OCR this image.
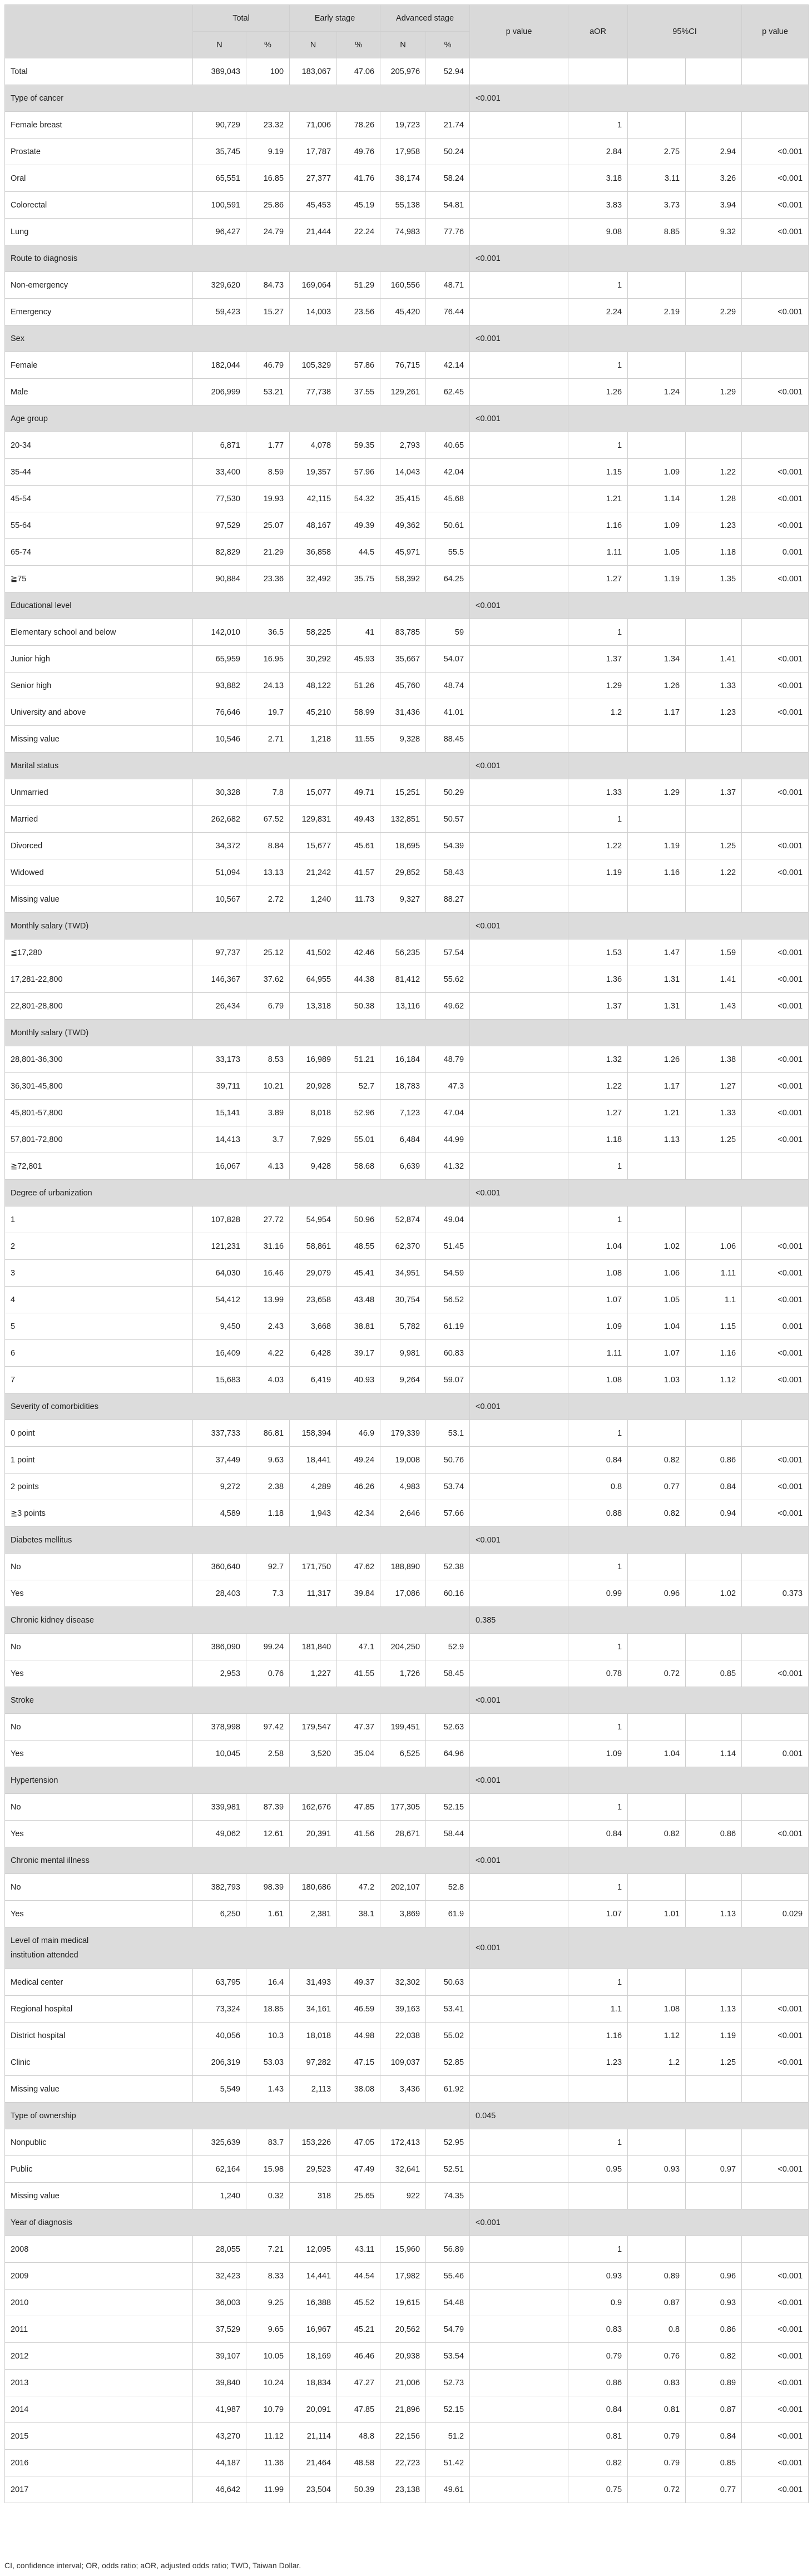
	Total		Early stage		Advanced stage		p value	aOR	95%CI		p value
	N	%	N	%	N	%					
Total	389,043	100	183,067	47.06	205,976	52.94					
Type of cancer							<0.001				
Female breast	90,729	23.32	71,006	78.26	19,723	21.74		1			
Prostate	35,745	9.19	17,787	49.76	17,958	50.24		2.84	2.75	2.94	<0.001
Oral	65,551	16.85	27,377	41.76	38,174	58.24		3.18	3.11	3.26	<0.001
Colorectal	100,591	25.86	45,453	45.19	55,138	54.81		3.83	3.73	3.94	<0.001
Lung	96,427	24.79	21,444	22.24	74,983	77.76		9.08	8.85	9.32	<0.001
Route to diagnosis							<0.001				
Non-emergency	329,620	84.73	169,064	51.29	160,556	48.71		1			
Emergency	59,423	15.27	14,003	23.56	45,420	76.44		2.24	2.19	2.29	<0.001
Sex							<0.001				
Female	182,044	46.79	105,329	57.86	76,715	42.14		1			
Male	206,999	53.21	77,738	37.55	129,261	62.45		1.26	1.24	1.29	<0.001
Age group							<0.001				
20-34	6,871	1.77	4,078	59.35	2,793	40.65		1			
35-44	33,400	8.59	19,357	57.96	14,043	42.04		1.15	1.09	1.22	<0.001
45-54	77,530	19.93	42,115	54.32	35,415	45.68		1.21	1.14	1.28	<0.001
55-64	97,529	25.07	48,167	49.39	49,362	50.61		1.16	1.09	1.23	<0.001
65-74	82,829	21.29	36,858	44.5	45,971	55.5		1.11	1.05	1.18	0.001
≧75	90,884	23.36	32,492	35.75	58,392	64.25		1.27	1.19	1.35	<0.001
Educational level							<0.001				
Elementary school and below	142,010	36.5	58,225	41	83,785	59		1			
Junior high	65,959	16.95	30,292	45.93	35,667	54.07		1.37	1.34	1.41	<0.001
Senior high	93,882	24.13	48,122	51.26	45,760	48.74		1.29	1.26	1.33	<0.001
University and above	76,646	19.7	45,210	58.99	31,436	41.01		1.2	1.17	1.23	<0.001
Missing value	10,546	2.71	1,218	11.55	9,328	88.45					
Marital status							<0.001				
Unmarried	30,328	7.8	15,077	49.71	15,251	50.29		1.33	1.29	1.37	<0.001
Married	262,682	67.52	129,831	49.43	132,851	50.57		1			
Divorced	34,372	8.84	15,677	45.61	18,695	54.39		1.22	1.19	1.25	<0.001
Widowed	51,094	13.13	21,242	41.57	29,852	58.43		1.19	1.16	1.22	<0.001
Missing value	10,567	2.72	1,240	11.73	9,327	88.27					
Monthly salary (TWD)							<0.001				
≦17,280	97,737	25.12	41,502	42.46	56,235	57.54		1.53	1.47	1.59	<0.001
17,281-22,800	146,367	37.62	64,955	44.38	81,412	55.62		1.36	1.31	1.41	<0.001
22,801-28,800	26,434	6.79	13,318	50.38	13,116	49.62		1.37	1.31	1.43	<0.001
Monthly salary (TWD)											
28,801-36,300	33,173	8.53	16,989	51.21	16,184	48.79		1.32	1.26	1.38	<0.001
36,301-45,800	39,711	10.21	20,928	52.7	18,783	47.3		1.22	1.17	1.27	<0.001
45,801-57,800	15,141	3.89	8,018	52.96	7,123	47.04		1.27	1.21	1.33	<0.001
57,801-72,800	14,413	3.7	7,929	55.01	6,484	44.99		1.18	1.13	1.25	<0.001
≧72,801	16,067	4.13	9,428	58.68	6,639	41.32		1			
Degree of urbanization							<0.001				
1	107,828	27.72	54,954	50.96	52,874	49.04		1			
2	121,231	31.16	58,861	48.55	62,370	51.45		1.04	1.02	1.06	<0.001
3	64,030	16.46	29,079	45.41	34,951	54.59		1.08	1.06	1.11	<0.001
4	54,412	13.99	23,658	43.48	30,754	56.52		1.07	1.05	1.1	<0.001
5	9,450	2.43	3,668	38.81	5,782	61.19		1.09	1.04	1.15	0.001
6	16,409	4.22	6,428	39.17	9,981	60.83		1.11	1.07	1.16	<0.001
7	15,683	4.03	6,419	40.93	9,264	59.07		1.08	1.03	1.12	<0.001
Severity of comorbidities							<0.001				
0 point	337,733	86.81	158,394	46.9	179,339	53.1		1			
1 point	37,449	9.63	18,441	49.24	19,008	50.76		0.84	0.82	0.86	<0.001
2 points	9,272	2.38	4,289	46.26	4,983	53.74		0.8	0.77	0.84	<0.001
≧3 points	4,589	1.18	1,943	42.34	2,646	57.66		0.88	0.82	0.94	<0.001
Diabetes mellitus							<0.001				
No	360,640	92.7	171,750	47.62	188,890	52.38		1			
Yes	28,403	7.3	11,317	39.84	17,086	60.16		0.99	0.96	1.02	0.373
Chronic kidney disease							0.385				
No	386,090	99.24	181,840	47.1	204,250	52.9		1			
Yes	2,953	0.76	1,227	41.55	1,726	58.45		0.78	0.72	0.85	<0.001
Stroke							<0.001				
No	378,998	97.42	179,547	47.37	199,451	52.63		1			
Yes	10,045	2.58	3,520	35.04	6,525	64.96		1.09	1.04	1.14	0.001
Hypertension							<0.001				
No	339,981	87.39	162,676	47.85	177,305	52.15		1			
Yes	49,062	12.61	20,391	41.56	28,671	58.44		0.84	0.82	0.86	<0.001
Chronic mental illness							<0.001				
No	382,793	98.39	180,686	47.2	202,107	52.8		1			
Yes	6,250	1.61	2,381	38.1	3,869	61.9		1.07	1.01	1.13	0.029

Level of main medical
institution attended							<0.001				
Medical center	63,795	16.4	31,493	49.37	32,302	50.63		1			
Regional hospital	73,324	18.85	34,161	46.59	39,163	53.41		1.1	1.08	1.13	<0.001
District hospital	40,056	10.3	18,018	44.98	22,038	55.02		1.16	1.12	1.19	<0.001
Clinic	206,319	53.03	97,282	47.15	109,037	52.85		1.23	1.2	1.25	<0.001
Missing value	5,549	1.43	2,113	38.08	3,436	61.92					
Type of ownership							0.045				
Nonpublic	325,639	83.7	153,226	47.05	172,413	52.95		1			
Public	62,164	15.98	29,523	47.49	32,641	52.51		0.95	0.93	0.97	<0.001
Missing value	1,240	0.32	318	25.65	922	74.35					
Year of diagnosis							<0.001				
2008	28,055	7.21	12,095	43.11	15,960	56.89		1			
2009	32,423	8.33	14,441	44.54	17,982	55.46		0.93	0.89	0.96	<0.001
2010	36,003	9.25	16,388	45.52	19,615	54.48		0.9	0.87	0.93	<0.001
2011	37,529	9.65	16,967	45.21	20,562	54.79		0.83	0.8	0.86	<0.001
2012	39,107	10.05	18,169	46.46	20,938	53.54		0.79	0.76	0.82	<0.001
2013	39,840	10.24	18,834	47.27	21,006	52.73		0.86	0.83	0.89	<0.001
2014	41,987	10.79	20,091	47.85	21,896	52.15		0.84	0.81	0.87	<0.001
2015	43,270	11.12	21,114	48.8	22,156	51.2		0.81	0.79	0.84	<0.001
2016	44,187	11.36	21,464	48.58	22,723	51.42		0.82	0.79	0.85	<0.001
2017	46,642	11.99	23,504	50.39	23,138	49.61		0.75	0.72	0.77	<0.001
CI, confidence interval; OR, odds ratio; aOR, adjusted odds ratio; TWD, Taiwan Dollar.
